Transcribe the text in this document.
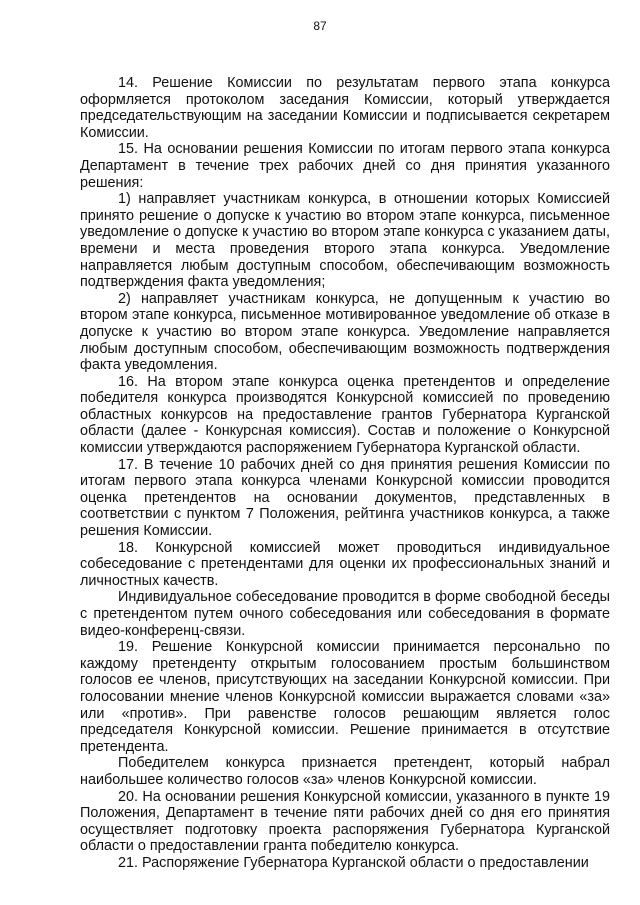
87

14. Решение Комиссии по результатам первого этапа конкурса оформляется протоколом заседания Комиссии, который утверждается председательствующим на заседании Комиссии и подписывается секретарем Комиссии.

15. На основании решения Комиссии по итогам первого этапа конкурса Департамент в течение трех рабочих дней со дня принятия указанного решения:

1) направляет участникам конкурса, в отношении которых Комиссией принято решение о допуске к участию во втором этапе конкурса, письменное уведомление о допуске к участию во втором этапе конкурса с указанием даты, времени и места проведения второго этапа конкурса. Уведомление направляется любым доступным способом, обеспечивающим возможность подтверждения факта уведомления;

2) направляет участникам конкурса, не допущенным к участию во втором этапе конкурса, письменное мотивированное уведомление об отказе в допуске к участию во втором этапе конкурса. Уведомление направляется любым доступным способом, обеспечивающим возможность подтверждения факта уведомления.

16. На втором этапе конкурса оценка претендентов и определение победителя конкурса производятся Конкурсной комиссией по проведению областных конкурсов на предоставление грантов Губернатора Курганской области (далее - Конкурсная комиссия). Состав и положение о Конкурсной комиссии утверждаются распоряжением Губернатора Курганской области.

17. В течение 10 рабочих дней со дня принятия решения Комиссии по итогам первого этапа конкурса членами Конкурсной комиссии проводится оценка претендентов на основании документов, представленных в соответствии с пунктом 7 Положения, рейтинга участников конкурса, а также решения Комиссии.

18. Конкурсной комиссией может проводиться индивидуальное собеседование с претендентами для оценки их профессиональных знаний и личностных качеств.

Индивидуальное собеседование проводится в форме свободной беседы с претендентом путем очного собеседования или собеседования в формате видео-конференц-связи.

19. Решение Конкурсной комиссии принимается персонально по каждому претенденту открытым голосованием простым большинством голосов ее членов, присутствующих на заседании Конкурсной комиссии. При голосовании мнение членов Конкурсной комиссии выражается словами «за» или «против». При равенстве голосов решающим является голос председателя Конкурсной комиссии. Решение принимается в отсутствие претендента.

Победителем конкурса признается претендент, который набрал наибольшее количество голосов «за» членов Конкурсной комиссии.

20. На основании решения Конкурсной комиссии, указанного в пункте 19 Положения, Департамент в течение пяти рабочих дней со дня его принятия осуществляет подготовку проекта распоряжения Губернатора Курганской области о предоставлении гранта победителю конкурса.

21. Распоряжение Губернатора Курганской области о предоставлении
